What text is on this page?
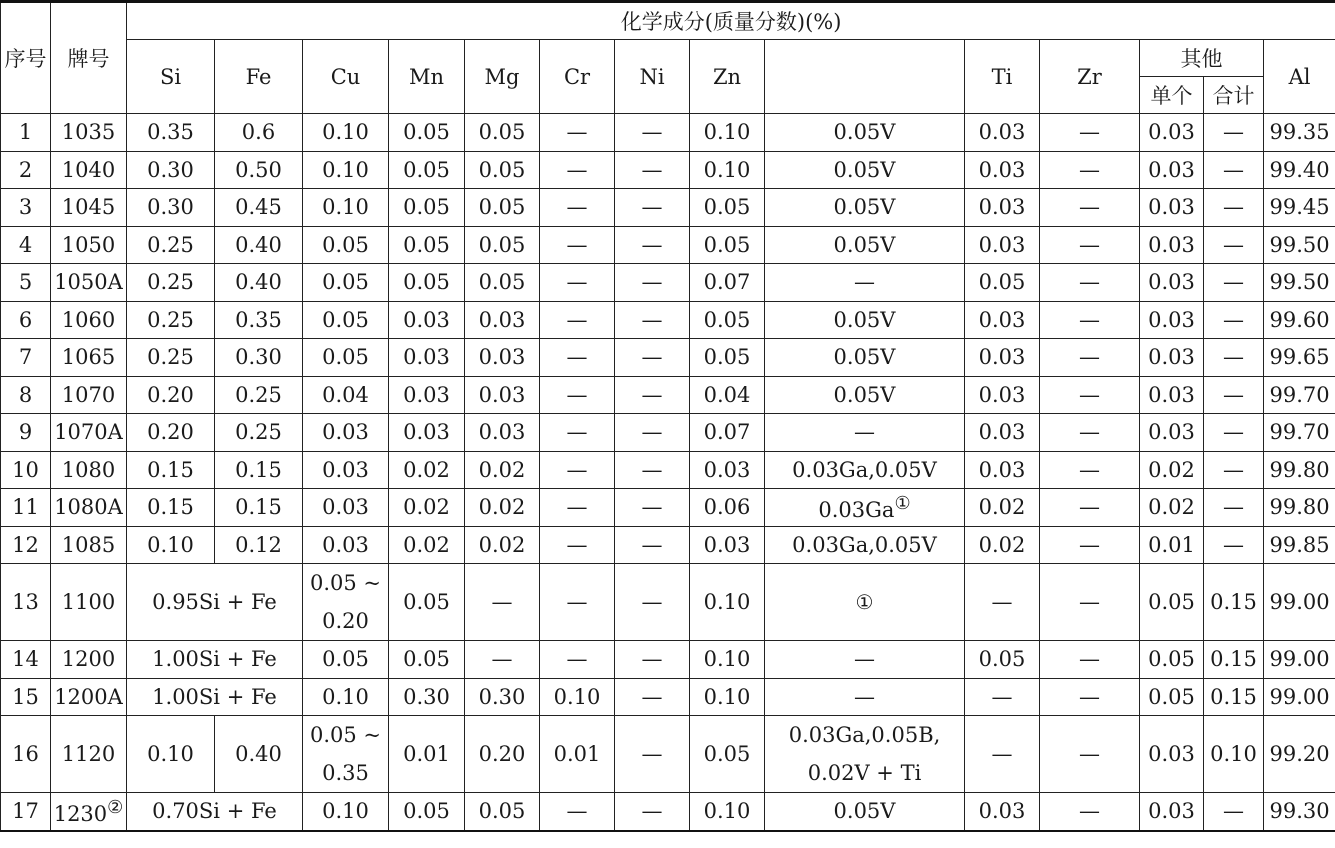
序号	牌号	化学成分(质量分数)(%)													
		Si	Fe	Cu	Mn	Mg	Cr	Ni	Zn		Ti	Zr	其他		Al
													单个	合计	
1	1035	0.35	0.6	0.10	0.05	0.05	—	—	0.10	0.05V	0.03	—	0.03	—	99.35
2	1040	0.30	0.50	0.10	0.05	0.05	—	—	0.10	0.05V	0.03	—	0.03	—	99.40
3	1045	0.30	0.45	0.10	0.05	0.05	—	—	0.05	0.05V	0.03	—	0.03	—	99.45
4	1050	0.25	0.40	0.05	0.05	0.05	—	—	0.05	0.05V	0.03	—	0.03	—	99.50
5	1050A	0.25	0.40	0.05	0.05	0.05	—	—	0.07	—	0.05	—	0.03	—	99.50
6	1060	0.25	0.35	0.05	0.03	0.03	—	—	0.05	0.05V	0.03	—	0.03	—	99.60
7	1065	0.25	0.30	0.05	0.03	0.03	—	—	0.05	0.05V	0.03	—	0.03	—	99.65
8	1070	0.20	0.25	0.04	0.03	0.03	—	—	0.04	0.05V	0.03	—	0.03	—	99.70
9	1070A	0.20	0.25	0.03	0.03	0.03	—	—	0.07	—	0.03	—	0.03	—	99.70
10	1080	0.15	0.15	0.03	0.02	0.02	—	—	0.03	0.03Ga,0.05V	0.03	—	0.02	—	99.80
11	1080A	0.15	0.15	0.03	0.02	0.02	—	—	0.06	0.03Ga①	0.02	—	0.02	—	99.80
12	1085	0.10	0.12	0.03	0.02	0.02	—	—	0.03	0.03Ga,0.05V	0.02	—	0.01	—	99.85
13	1100	0.95Si + Fe		0.05 ~ 0.20	0.05	—	—	—	0.10	①	—	—	0.05	0.15	99.00
14	1200	1.00Si + Fe		0.05	0.05	—	—	—	0.10	—	0.05	—	0.05	0.15	99.00
15	1200A	1.00Si + Fe		0.10	0.30	0.30	0.10	—	0.10	—	—	—	0.05	0.15	99.00
16	1120	0.10	0.40	0.05 ~ 0.35	0.01	0.20	0.01	—	0.05	0.03Ga,0.05B, 0.02V + Ti	—	—	0.03	0.10	99.20
17	1230②	0.70Si + Fe		0.10	0.05	0.05	—	—	0.10	0.05V	0.03	—	0.03	—	99.30
